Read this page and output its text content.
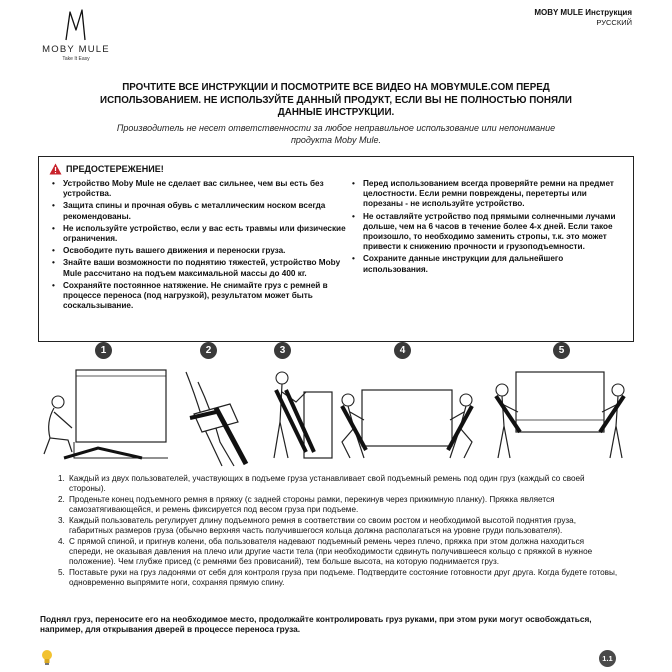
MOBY MULE
Take It Easy
MOBY MULE Инструкция
РУССКИЙ
ПРОЧТИТЕ ВСЕ ИНСТРУКЦИИ И ПОСМОТРИТЕ ВСЕ ВИДЕО НА MOBYMULE.COM ПЕРЕД
ИСПОЛЬЗОВАНИЕМ. НЕ ИСПОЛЬЗУЙТЕ ДАННЫЙ ПРОДУКТ, ЕСЛИ ВЫ НЕ ПОЛНОСТЬЮ ПОНЯЛИ
ДАННЫЕ ИНСТРУКЦИИ.
Производитель не несет ответственности за любое неправильное использование или непонимание
продукта Moby Mule.
ПРЕДОСТЕРЕЖЕНИЕ!
• Устройство Moby Mule не сделает вас сильнее, чем вы есть без устройства.
• Защита спины и прочная обувь с металлическим носком всегда рекомендованы.
• Не используйте устройство, если у вас есть травмы или физические ограничения.
• Освободите путь вашего движения и переноски груза.
• Знайте ваши возможности по поднятию тяжестей, устройство Moby Mule рассчитано на подъем максимальной массы до 400 кг.
• Сохраняйте постоянное натяжение. Не снимайте груз с ремней в процессе переноса (под нагрузкой), результатом может быть соскальзывание.
• Перед использованием всегда проверяйте ремни на предмет целостности. Если ремни повреждены, перетерты или порезаны - не используйте устройство.
• Не оставляйте устройство под прямыми солнечными лучами дольше, чем на 6 часов в течение более 4-х дней. Если такое произошло, то необходимо заменить стропы, т.к. это может привести к снижению прочности и грузоподъемности.
• Сохраните данные инструкции для дальнейшего использования.
1	2	3	4	5
1. Каждый из двух пользователей, участвующих в подъеме груза устанавливает свой подъемный ремень под один груз (каждый со своей стороны).
2. Проденьте конец подъемного ремня в пряжку (с задней стороны рамки, перекинув через прижимную планку). Пряжка является самозатягивающейся, и ремень фиксируется под весом груза при подъеме.
3. Каждый пользователь регулирует длину подъемного ремня в соответствии со своим ростом и необходимой высотой поднятия груза, габаритных размеров груза (обычно верхняя часть получившегося кольца должна располагаться на уровне груди пользователя).
4. С прямой спиной, и пригнув колени, оба пользователя надевают подъемный ремень через плечо, пряжка при этом должна находиться спереди, не оказывая давления на плечо или другие части тела (при необходимости сдвинуть получившееся кольцо с пряжкой в нужное положение). Чем глубже присед (с ремнями без провисаний), тем больше высота, на которую поднимается груз.
5. Поставьте руки на груз ладонями от себя для контроля груза при подъеме. Подтвердите состояние готовности друг друга. Когда будете готовы, одновременно выпрямите ноги, сохраняя прямую спину.
Поднял груз, переносите его на необходимое место, продолжайте контролировать груз руками, при этом руки могут освобождаться, например, для открывания дверей в процессе переноса груза.
1.1
